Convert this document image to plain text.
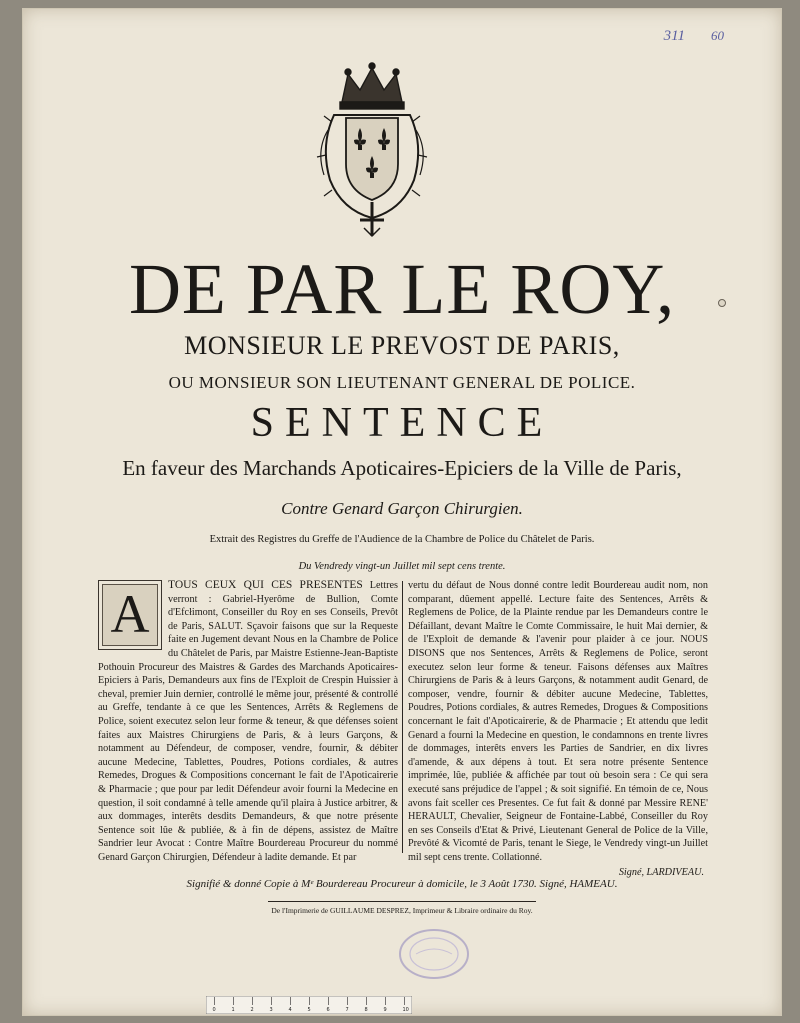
311 60
DE PAR LE ROY,
MONSIEUR LE PREVOST DE PARIS,
OU MONSIEUR SON LIEUTENANT GENERAL DE POLICE.
SENTENCE
En faveur des Marchands Apoticaires-Epiciers de la Ville de Paris,
Contre Genard Garçon Chirurgien.
Extrait des Registres du Greffe de l'Audience de la Chambre de Police du Châtelet de Paris.
Du Vendredy vingt-un Juillet mil sept cens trente.
A	TOUS CEUX QUI CES PRESENTES Lettres verront : Gabriel-Hyerôme de Bullion, Comte d'Efcłimont, Conseiller du Roy en ses Conseils, Prevôt de Paris, SALUT. Sçavoir faisons que sur la Requeste faite en Jugement devant Nous en la Chambre de Police du Châtelet de Paris, par Maistre Estienne-Jean-Baptiste Pothouin Procureur des Maistres & Gardes des Marchands Apoticaires-Epiciers à Paris, Demandeurs aux fins de l'Exploit de Crespin Huissier à cheval, premier Juin dernier, controllé le même jour, présenté & controllé au Greffe, tendante à ce que les Sentences, Arrêts & Reglemens de Police, soient executez selon leur forme & teneur, & que défenses soient faites aux Maistres Chirurgiens de Paris, & à leurs Garçons, & notamment au Défendeur, de composer, vendre, fournir, & débiter aucune Medecine, Tablettes, Poudres, Potions cordiales, & autres Remedes, Drogues & Compositions concernant le fait de l'Apoticairerie & Pharmacie ; que pour par ledit Défendeur avoir fourni la Medecine en question, il soit condamné à telle amende qu'il plaira à Justice arbitrer, & aux dommages, interêts desdits Demandeurs, & que notre présente Sentence soit lûe & publiée, & à fin de dépens, assistez de Maître Sandrier leur Avocat : Contre Maître Bourdereau Procureur du nommé Genard Garçon Chirurgien, Défendeur à ladite demande. Et par
vertu du défaut de Nous donné contre ledit Bourdereau audit nom, non comparant, dûement appellé. Lecture faite des Sentences, Arrêts & Reglemens de Police, de la Plainte rendue par les Demandeurs contre le Défaillant, devant Maître le Comte Commissaire, le huit Mai dernier, & de l'Exploit de demande & l'avenir pour plaider à ce jour. NOUS DISONS que nos Sentences, Arrêts & Reglemens de Police, seront executez selon leur forme & teneur. Faisons défenses aux Maîtres Chirurgiens de Paris & à leurs Garçons, & notamment audit Genard, de composer, vendre, fournir & débiter aucune Medecine, Tablettes, Poudres, Potions cordiales, & autres Remedes, Drogues & Compositions concernant le fait d'Apoticairerie, & de Pharmacie ; Et attendu que ledit Genard a fourni la Medecine en question, le condamnons en trente livres de dommages, interêts envers les Parties de Sandrier, en dix livres d'amende, & aux dépens à tout. Et sera notre présente Sentence imprimée, lûe, publiée & affichée par tout où besoin sera : Ce qui sera executé sans préjudice de l'appel ; & soit signifié. En témoin de ce, Nous avons fait sceller ces Presentes. Ce fut fait & donné par Messire RENE' HERAULT, Chevalier, Seigneur de Fontaine-Labbé, Conseiller du Roy en ses Conseils d'Etat & Privé, Lieutenant General de Police de la Ville, Prevôté & Vicomté de Paris, tenant le Siege, le Vendredy vingt-un Juillet mil sept cens trente. Collationné.
Signé, LARDIVEAU.
Signifié & donné Copie à Mᵉ Bourdereau Procureur à domicile, le 3 Août 1730. Signé, HAMEAU.
De l'Imprimerie de GUILLAUME DESPREZ, Imprimeur & Libraire ordinaire du Roy.
0	1	2	3	4	5	6	7	8	9	10
